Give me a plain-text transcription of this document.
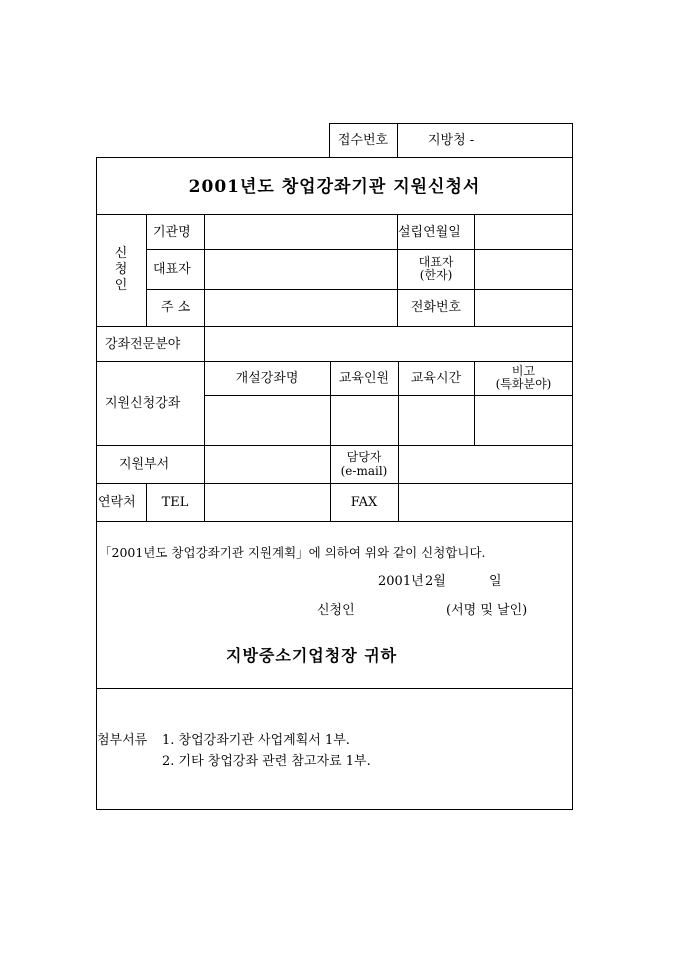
접수번호	지방청 -
2001년도 창업강좌기관 지원신청서
신청인
기관명	설립연월일
대표자	대표자
(한자)
주 소	전화번호
강좌전문분야
지원신청강좌
개설강좌명	교육인원	교육시간	비고
(특화분야)
지원부서	담당자
(e-mail)
연락처	TEL	FAX
「2001년도 창업강좌기관 지원계획」에 의하여 위와 같이 신청합니다.
2001년 2월	일
신청인	(서명 및 날인)
지방중소기업청장 귀하
첨부서류 1. 창업강좌기관 사업계획서 1부.
2. 기타 창업강좌 관련 참고자료 1부.
